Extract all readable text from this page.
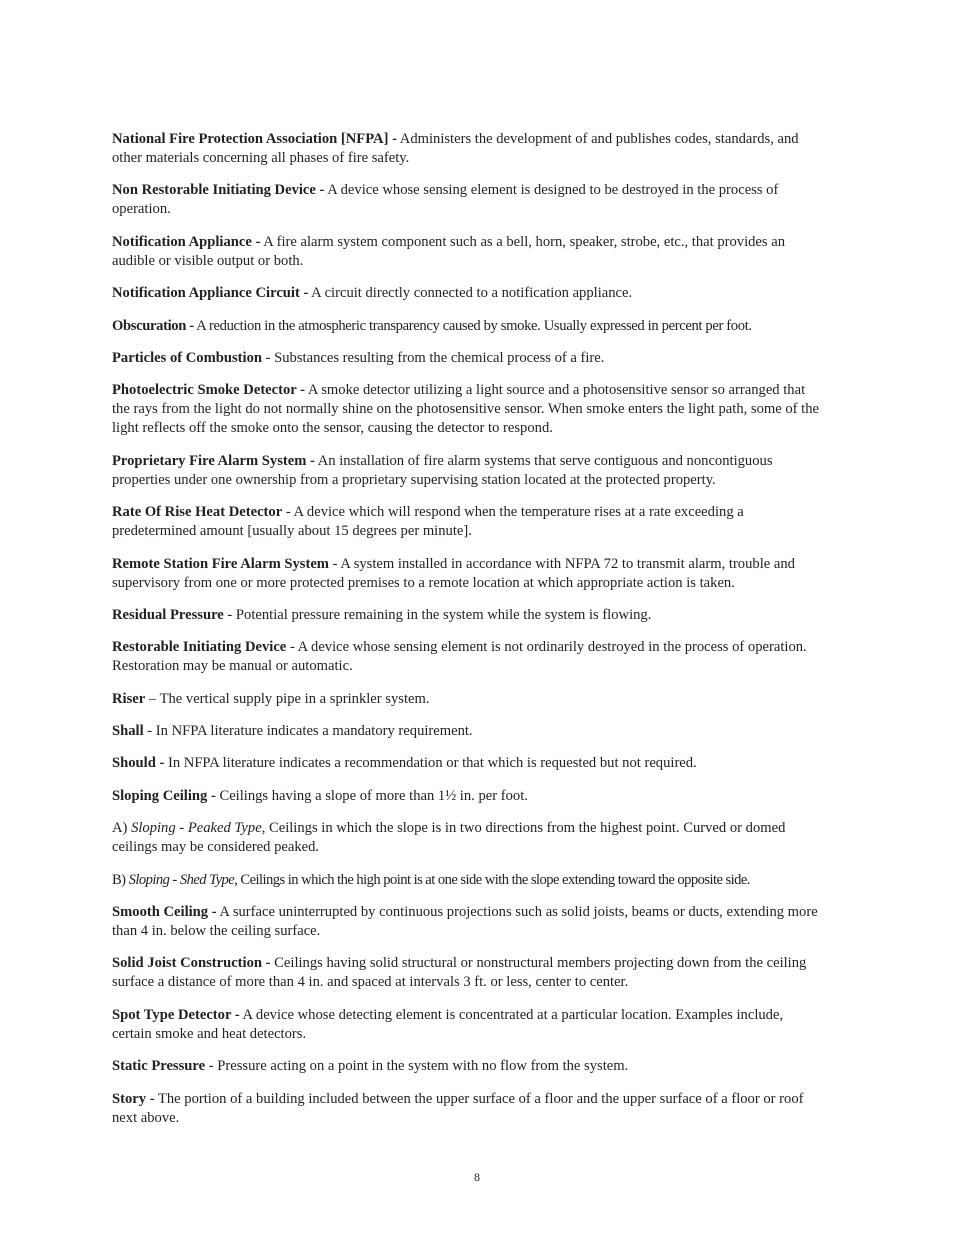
National Fire Protection Association [NFPA] - Administers the development of and publishes codes, standards, and other materials concerning all phases of fire safety.

Non Restorable Initiating Device - A device whose sensing element is designed to be destroyed in the process of operation.

Notification Appliance - A fire alarm system component such as a bell, horn, speaker, strobe, etc., that provides an audible or visible output or both.

Notification Appliance Circuit - A circuit directly connected to a notification appliance.

Obscuration - A reduction in the atmospheric transparency caused by smoke. Usually expressed in percent per foot.

Particles of Combustion - Substances resulting from the chemical process of a fire.

Photoelectric Smoke Detector - A smoke detector utilizing a light source and a photosensitive sensor so arranged that the rays from the light do not normally shine on the photosensitive sensor. When smoke enters the light path, some of the light reflects off the smoke onto the sensor, causing the detector to respond.

Proprietary Fire Alarm System - An installation of fire alarm systems that serve contiguous and noncontiguous properties under one ownership from a proprietary supervising station located at the protected property.

Rate Of Rise Heat Detector - A device which will respond when the temperature rises at a rate exceeding a predetermined amount [usually about 15 degrees per minute].

Remote Station Fire Alarm System - A system installed in accordance with NFPA 72 to transmit alarm, trouble and supervisory from one or more protected premises to a remote location at which appropriate action is taken.

Residual Pressure - Potential pressure remaining in the system while the system is flowing.

Restorable Initiating Device - A device whose sensing element is not ordinarily destroyed in the process of operation. Restoration may be manual or automatic.

Riser – The vertical supply pipe in a sprinkler system.

Shall - In NFPA literature indicates a mandatory requirement.

Should - In NFPA literature indicates a recommendation or that which is requested but not required.

Sloping Ceiling - Ceilings having a slope of more than 1½ in. per foot.

A) Sloping - Peaked Type, Ceilings in which the slope is in two directions from the highest point. Curved or domed ceilings may be considered peaked.

B) Sloping - Shed Type, Ceilings in which the high point is at one side with the slope extending toward the opposite side.

Smooth Ceiling - A surface uninterrupted by continuous projections such as solid joists, beams or ducts, extending more than 4 in. below the ceiling surface.

Solid Joist Construction - Ceilings having solid structural or nonstructural members projecting down from the ceiling surface a distance of more than 4 in. and spaced at intervals 3 ft. or less, center to center.

Spot Type Detector - A device whose detecting element is concentrated at a particular location. Examples include, certain smoke and heat detectors.

Static Pressure - Pressure acting on a point in the system with no flow from the system.

Story - The portion of a building included between the upper surface of a floor and the upper surface of a floor or roof next above.

8
